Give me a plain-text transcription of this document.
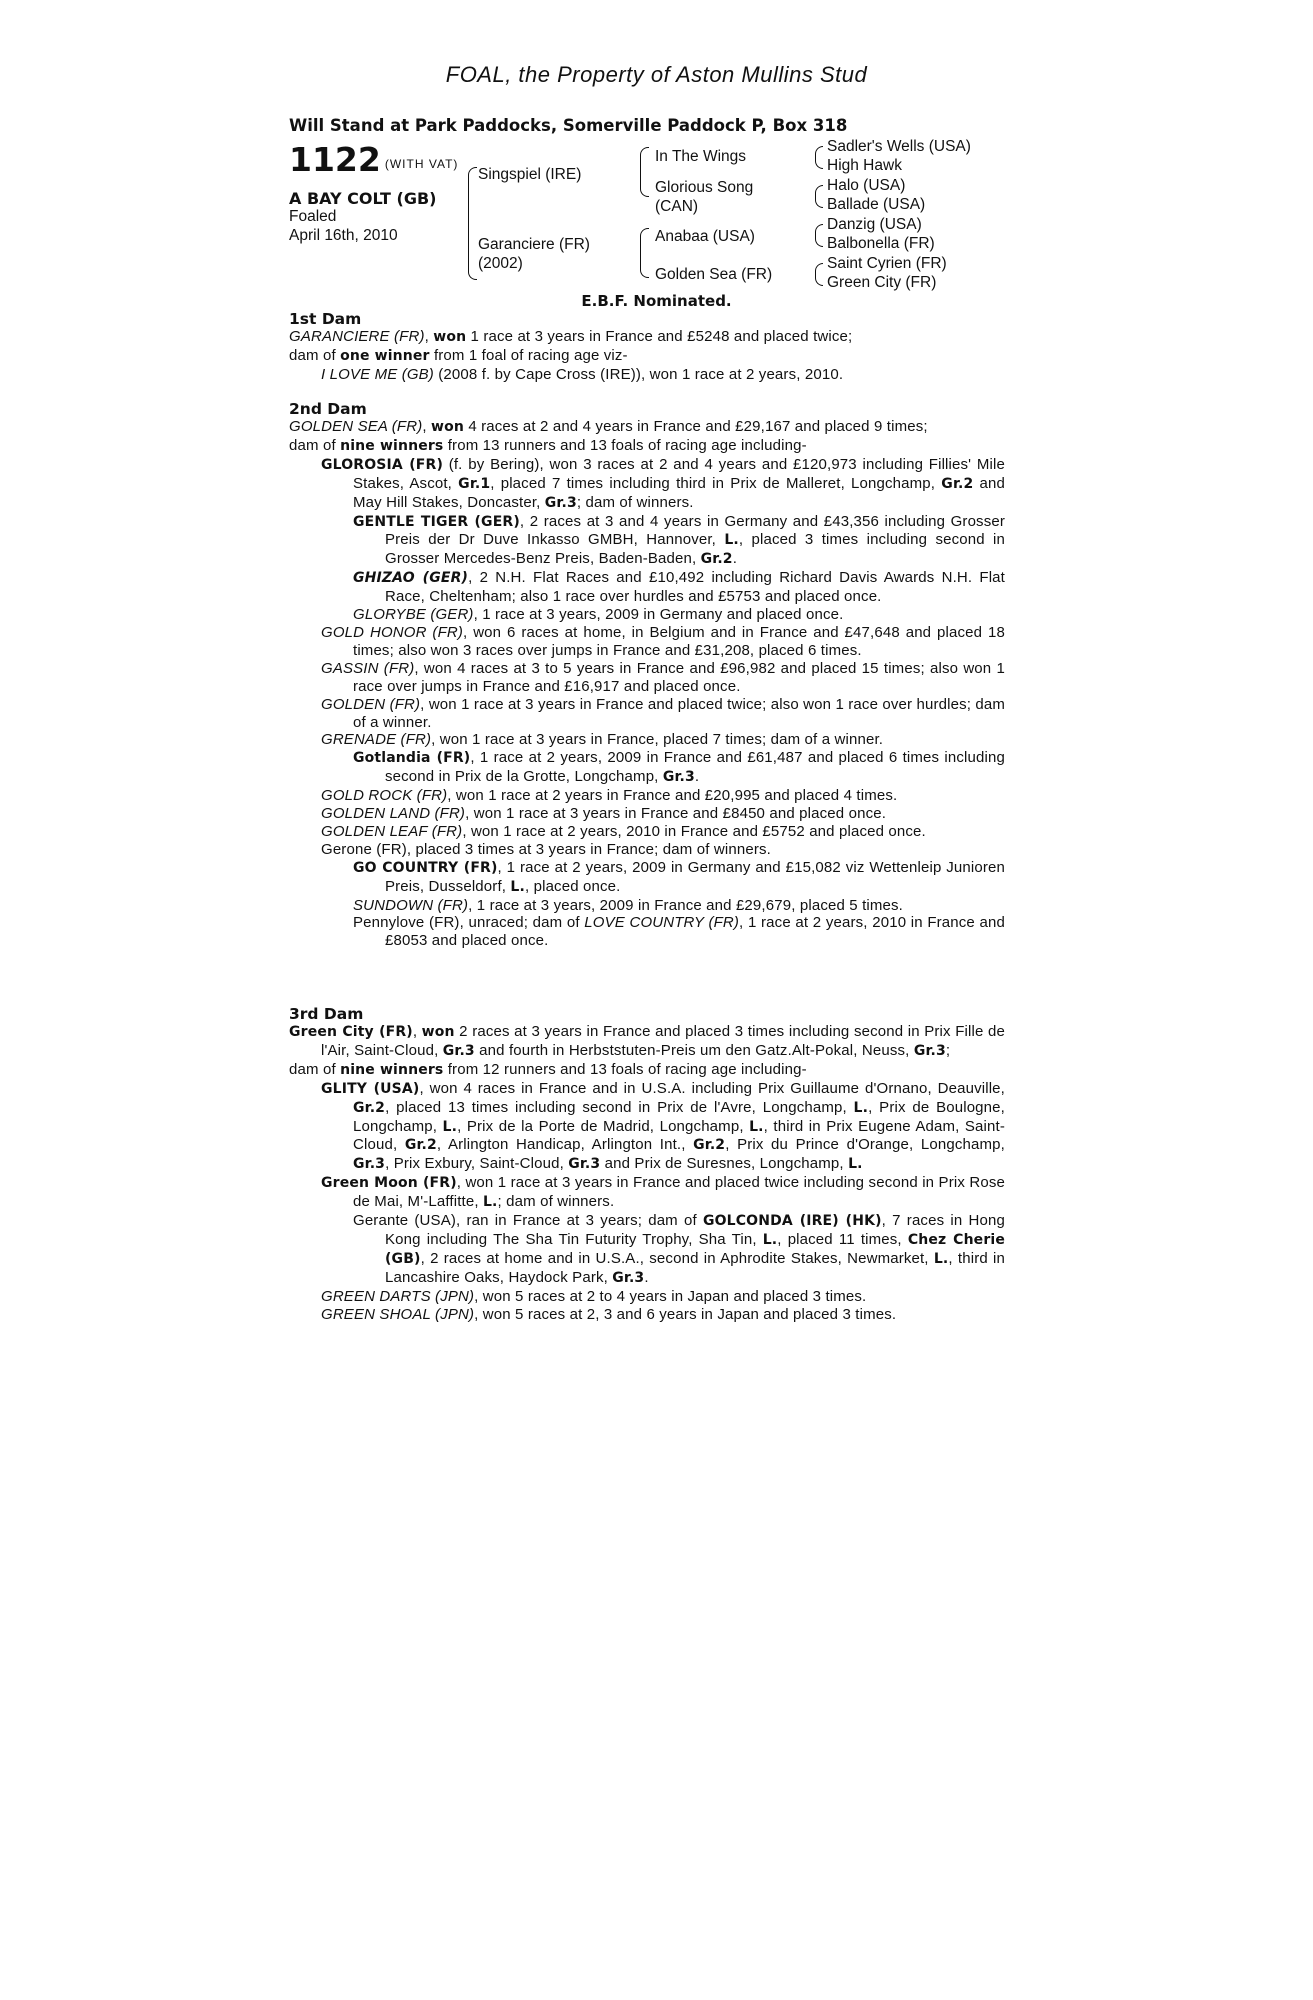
FOAL, the Property of Aston Mullins Stud
Will Stand at Park Paddocks, Somerville Paddock P, Box 318
1122 (WITH VAT)
A BAY COLT (GB)
Foaled
April 16th, 2010
Singspiel (IRE)
Garanciere (FR)
(2002)
In The Wings
Glorious Song
(CAN)
Anabaa (USA)
Golden Sea (FR)
Sadler's Wells (USA)
High Hawk
Halo (USA)
Ballade (USA)
Danzig (USA)
Balbonella (FR)
Saint Cyrien (FR)
Green City (FR)
E.B.F. Nominated.
1st Dam

GARANCIERE (FR), won 1 race at 3 years in France and £5248 and placed twice;

dam of one winner from 1 foal of racing age viz-

I LOVE ME (GB) (2008 f. by Cape Cross (IRE)), won 1 race at 2 years, 2010.

2nd Dam

GOLDEN SEA (FR), won 4 races at 2 and 4 years in France and £29,167 and placed 9 times;

dam of nine winners from 13 runners and 13 foals of racing age including-

GLOROSIA (FR) (f. by Bering), won 3 races at 2 and 4 years and £120,973 including Fillies' Mile Stakes, Ascot, Gr.1, placed 7 times including third in Prix de Malleret, Longchamp, Gr.2 and May Hill Stakes, Doncaster, Gr.3; dam of winners.

GENTLE TIGER (GER), 2 races at 3 and 4 years in Germany and £43,356 including Grosser Preis der Dr Duve Inkasso GMBH, Hannover, L., placed 3 times including second in Grosser Mercedes-Benz Preis, Baden-Baden, Gr.2.

GHIZAO (GER), 2 N.H. Flat Races and £10,492 including Richard Davis Awards N.H. Flat Race, Cheltenham; also 1 race over hurdles and £5753 and placed once.

GLORYBE (GER), 1 race at 3 years, 2009 in Germany and placed once.

GOLD HONOR (FR), won 6 races at home, in Belgium and in France and £47,648 and placed 18 times; also won 3 races over jumps in France and £31,208, placed 6 times.

GASSIN (FR), won 4 races at 3 to 5 years in France and £96,982 and placed 15 times; also won 1 race over jumps in France and £16,917 and placed once.

GOLDEN (FR), won 1 race at 3 years in France and placed twice; also won 1 race over hurdles; dam of a winner.

GRENADE (FR), won 1 race at 3 years in France, placed 7 times; dam of a winner.

Gotlandia (FR), 1 race at 2 years, 2009 in France and £61,487 and placed 6 times including second in Prix de la Grotte, Longchamp, Gr.3.

GOLD ROCK (FR), won 1 race at 2 years in France and £20,995 and placed 4 times.

GOLDEN LAND (FR), won 1 race at 3 years in France and £8450 and placed once.

GOLDEN LEAF (FR), won 1 race at 2 years, 2010 in France and £5752 and placed once.

Gerone (FR), placed 3 times at 3 years in France; dam of winners.

GO COUNTRY (FR), 1 race at 2 years, 2009 in Germany and £15,082 viz Wettenleip Junioren Preis, Dusseldorf, L., placed once.

SUNDOWN (FR), 1 race at 3 years, 2009 in France and £29,679, placed 5 times.

Pennylove (FR), unraced; dam of LOVE COUNTRY (FR), 1 race at 2 years, 2010 in France and £8053 and placed once.

3rd Dam

Green City (FR), won 2 races at 3 years in France and placed 3 times including second in Prix Fille de l'Air, Saint-Cloud, Gr.3 and fourth in Herbststuten-Preis um den Gatz.Alt-Pokal, Neuss, Gr.3;

dam of nine winners from 12 runners and 13 foals of racing age including-

GLITY (USA), won 4 races in France and in U.S.A. including Prix Guillaume d'Ornano, Deauville, Gr.2, placed 13 times including second in Prix de l'Avre, Longchamp, L., Prix de Boulogne, Longchamp, L., Prix de la Porte de Madrid, Longchamp, L., third in Prix Eugene Adam, Saint-Cloud, Gr.2, Arlington Handicap, Arlington Int., Gr.2, Prix du Prince d'Orange, Longchamp, Gr.3, Prix Exbury, Saint-Cloud, Gr.3 and Prix de Suresnes, Longchamp, L.

Green Moon (FR), won 1 race at 3 years in France and placed twice including second in Prix Rose de Mai, M'-Laffitte, L.; dam of winners.

Gerante (USA), ran in France at 3 years; dam of GOLCONDA (IRE) (HK), 7 races in Hong Kong including The Sha Tin Futurity Trophy, Sha Tin, L., placed 11 times, Chez Cherie (GB), 2 races at home and in U.S.A., second in Aphrodite Stakes, Newmarket, L., third in Lancashire Oaks, Haydock Park, Gr.3.

GREEN DARTS (JPN), won 5 races at 2 to 4 years in Japan and placed 3 times.

GREEN SHOAL (JPN), won 5 races at 2, 3 and 6 years in Japan and placed 3 times.
